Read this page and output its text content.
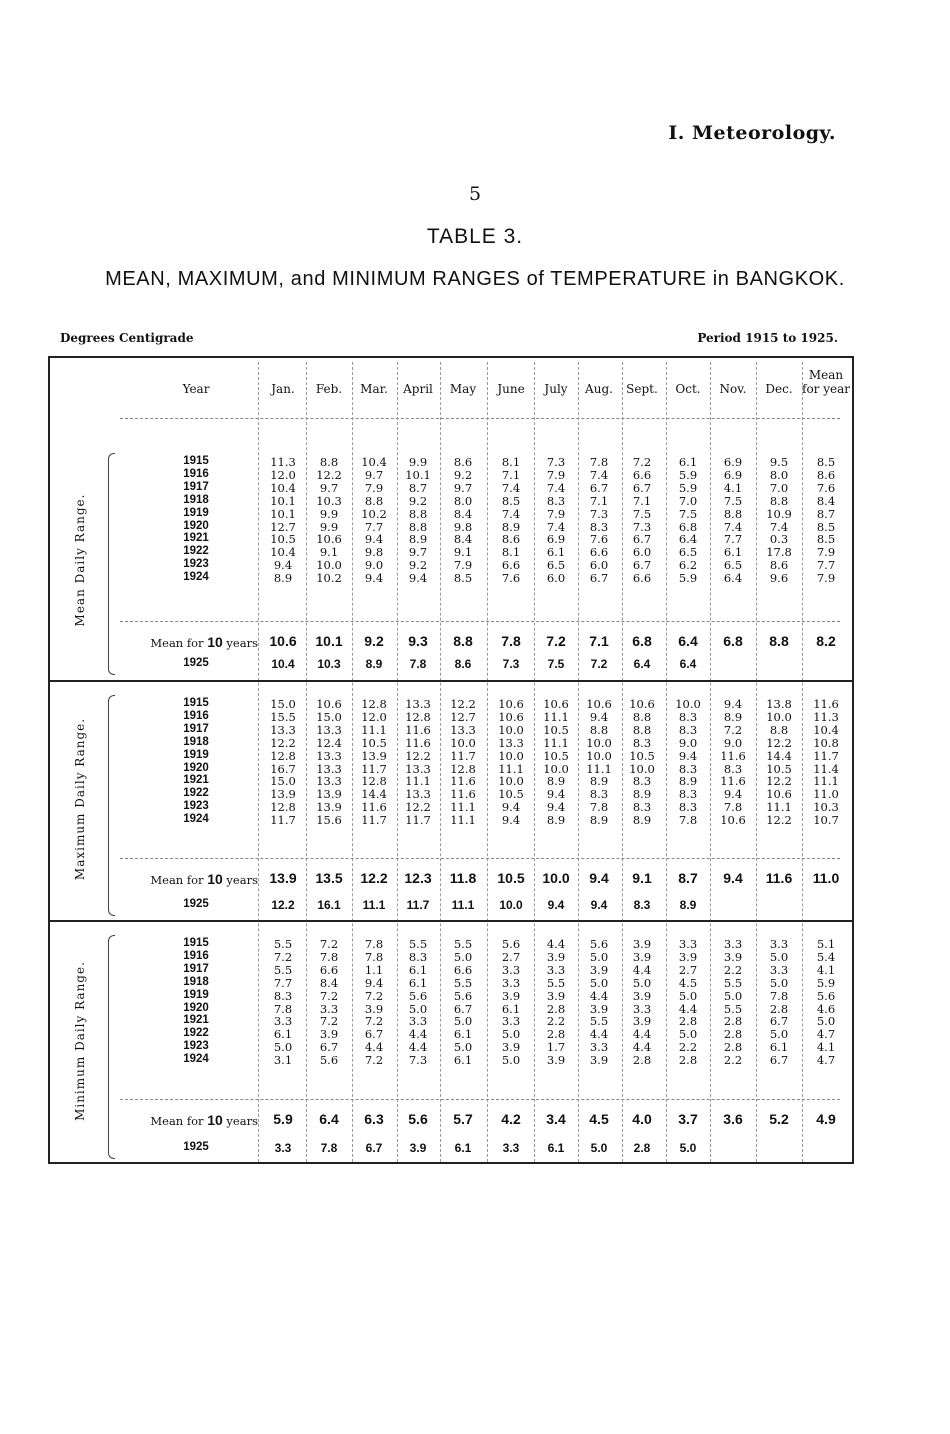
I. Meteorology.
5
TABLE 3.
MEAN, MAXIMUM, and MINIMUM RANGES of TEMPERATURE in BANGKOK.
Degrees Centigrade	Period 1915 to 1925.
Year	Jan.	Feb.	Mar.	April	May	June	July	Aug.	Sept.	Oct.	Nov.	Dec.
Mean for year
Mean Daily Range.
1915	11.3	8.8	10.4	9.9	8.6	8.1	7.3	7.8	7.2	6.1	6.9	9.5	8.5
1916	12.0	12.2	9.7	10.1	9.2	7.1	7.9	7.4	6.6	5.9	6.9	8.0	8.6
1917	10.4	9.7	7.9	8.7	9.7	7.4	7.4	6.7	6.7	5.9	4.1	7.0	7.6
1918	10.1	10.3	8.8	9.2	8.0	8.5	8.3	7.1	7.1	7.0	7.5	8.8	8.4
1919	10.1	9.9	10.2	8.8	8.4	7.4	7.9	7.3	7.5	7.5	8.8	10.9	8.7
1920	12.7	9.9	7.7	8.8	9.8	8.9	7.4	8.3	7.3	6.8	7.4	7.4	8.5
1921	10.5	10.6	9.4	8.9	8.4	8.6	6.9	7.6	6.7	6.4	7.7	0.3	8.5
1922	10.4	9.1	9.8	9.7	9.1	8.1	6.1	6.6	6.0	6.5	6.1	17.8	7.9
1923	9.4	10.0	9.0	9.2	7.9	6.6	6.5	6.0	6.7	6.2	6.5	8.6	7.7
1924	8.9	10.2	9.4	9.4	8.5	7.6	6.0	6.7	6.6	5.9	6.4	9.6	7.9
Mean for 10 years 10.6	10.1	9.2	9.3	8.8	7.8	7.2	7.1	6.8	6.4	6.8	8.8	8.2
1925	10.4	10.3	8.9	7.8	8.6	7.3	7.5	7.2	6.4	6.4
Maximum Daily Range.
1915	15.0	10.6	12.8	13.3	12.2	10.6	10.6	10.6	10.6	10.0	9.4	13.8	11.6
1916	15.5	15.0	12.0	12.8	12.7	10.6	11.1	9.4	8.8	8.3	8.9	10.0	11.3
1917	13.3	13.3	11.1	11.6	13.3	10.0	10.5	8.8	8.8	8.3	7.2	8.8	10.4
1918	12.2	12.4	10.5	11.6	10.0	13.3	11.1	10.0	8.3	9.0	9.0	12.2	10.8
1919	12.8	13.3	13.9	12.2	11.7	10.0	10.5	10.0	10.5	9.4	11.6	14.4	11.7
1920	16.7	13.3	11.7	13.3	12.8	11.1	10.0	11.1	10.0	8.3	8.3	10.5	11.4
1921	15.0	13.3	12.8	11.1	11.6	10.0	8.9	8.9	8.3	8.9	11.6	12.2	11.1
1922	13.9	13.9	14.4	13.3	11.6	10.5	9.4	8.3	8.9	8.3	9.4	10.6	11.0
1923	12.8	13.9	11.6	12.2	11.1	9.4	9.4	7.8	8.3	8.3	7.8	11.1	10.3
1924	11.7	15.6	11.7	11.7	11.1	9.4	8.9	8.9	8.9	7.8	10.6	12.2	10.7
Mean for 10 years 13.9	13.5	12.2	12.3	11.8	10.5	10.0	9.4	9.1	8.7	9.4	11.6	11.0
1925	12.2	16.1	11.1	11.7	11.1	10.0	9.4	9.4	8.3	8.9
Minimum Daily Range.
1915	5.5	7.2	7.8	5.5	5.5	5.6	4.4	5.6	3.9	3.3	3.3	3.3	5.1
1916	7.2	7.8	7.8	8.3	5.0	2.7	3.9	5.0	3.9	3.9	3.9	5.0	5.4
1917	5.5	6.6	1.1	6.1	6.6	3.3	3.3	3.9	4.4	2.7	2.2	3.3	4.1
1918	7.7	8.4	9.4	6.1	5.5	3.3	5.5	5.0	5.0	4.5	5.5	5.0	5.9
1919	8.3	7.2	7.2	5.6	5.6	3.9	3.9	4.4	3.9	5.0	5.0	7.8	5.6
1920	7.8	3.3	3.9	5.0	6.7	6.1	2.8	3.9	3.3	4.4	5.5	2.8	4.6
1921	3.3	7.2	7.2	3.3	5.0	3.3	2.2	5.5	3.9	2.8	2.8	6.7	5.0
1922	6.1	3.9	6.7	4.4	6.1	5.0	2.8	4.4	4.4	5.0	2.8	5.0	4.7
1923	5.0	6.7	4.4	4.4	5.0	3.9	1.7	3.3	4.4	2.2	2.8	6.1	4.1
1924	3.1	5.6	7.2	7.3	6.1	5.0	3.9	3.9	2.8	2.8	2.2	6.7	4.7
Mean for 10 years	5.9	6.4	6.3	5.6	5.7	4.2	3.4	4.5	4.0	3.7	3.6	5.2	4.9
1925	3.3	7.8	6.7	3.9	6.1	3.3	6.1	5.0	2.8	5.0
